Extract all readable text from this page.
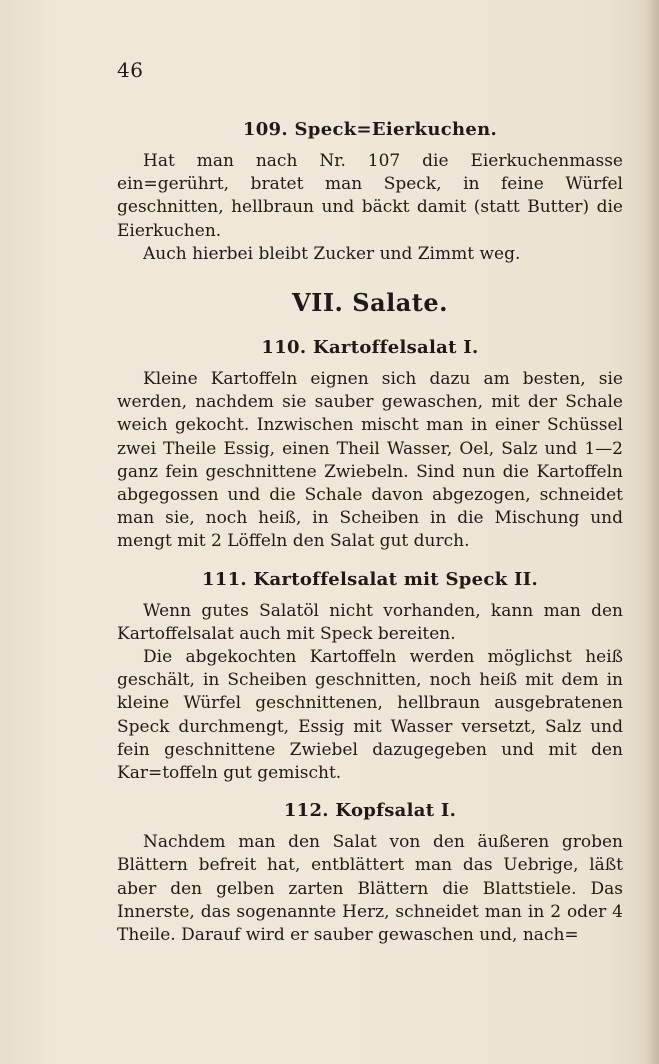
46
109. Speck=Eierkuchen.

Hat man nach Nr. 107 die Eierkuchenmasse ein=gerührt, bratet man Speck, in feine Würfel geschnitten, hellbraun und bäckt damit (statt Butter) die Eierkuchen.

Auch hierbei bleibt Zucker und Zimmt weg.

VII. Salate.
110. Kartoffelsalat I.

Kleine Kartoffeln eignen sich dazu am besten, sie werden, nachdem sie sauber gewaschen, mit der Schale weich gekocht. Inzwischen mischt man in einer Schüssel zwei Theile Essig, einen Theil Wasser, Oel, Salz und 1—2 ganz fein geschnittene Zwiebeln. Sind nun die Kartoffeln abgegossen und die Schale davon abgezogen, schneidet man sie, noch heiß, in Scheiben in die Mischung und mengt mit 2 Löffeln den Salat gut durch.

111. Kartoffelsalat mit Speck II.

Wenn gutes Salatöl nicht vorhanden, kann man den Kartoffelsalat auch mit Speck bereiten.

Die abgekochten Kartoffeln werden möglichst heiß geschält, in Scheiben geschnitten, noch heiß mit dem in kleine Würfel geschnittenen, hellbraun ausgebratenen Speck durchmengt, Essig mit Wasser versetzt, Salz und fein geschnittene Zwiebel dazugegeben und mit den Kar=toffeln gut gemischt.

112. Kopfsalat I.

Nachdem man den Salat von den äußeren groben Blättern befreit hat, entblättert man das Uebrige, läßt aber den gelben zarten Blättern die Blattstiele. Das Innerste, das sogenannte Herz, schneidet man in 2 oder 4 Theile. Darauf wird er sauber gewaschen und, nach=
